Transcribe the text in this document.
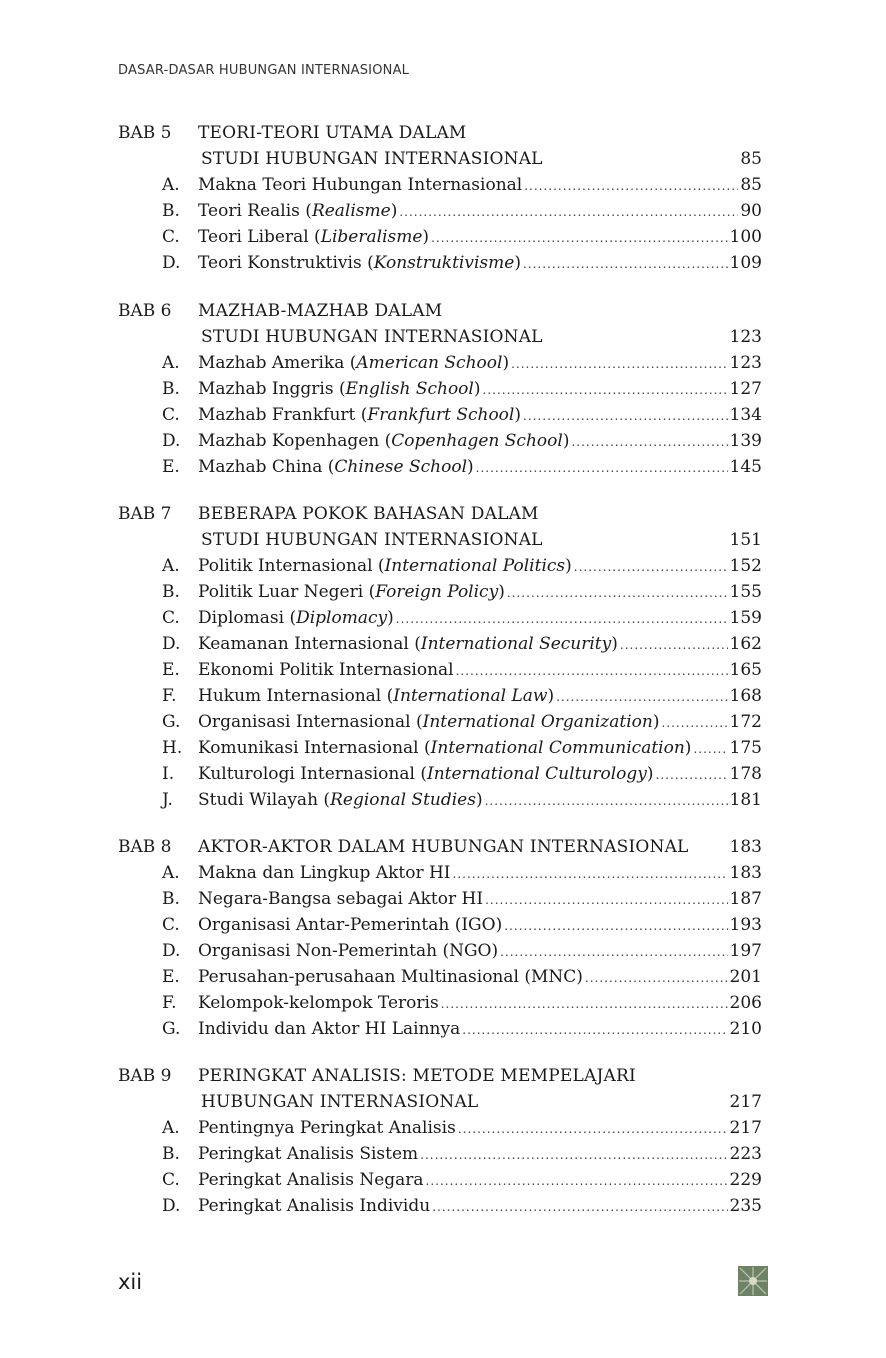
DASAR-DASAR HUBUNGAN INTERNASIONAL
BAB 5 TEORI-TEORI UTAMA DALAM
STUDI HUBUNGAN INTERNASIONAL	85
A.	Makna Teori Hubungan Internasional .....	85
B.	Teori Realis (Realisme) .....	90
C.	Teori Liberal (Liberalisme) .....	100
D.	Teori Konstruktivis (Konstruktivisme) .....	109
BAB 6 MAZHAB-MAZHAB DALAM
STUDI HUBUNGAN INTERNASIONAL	123
A.	Mazhab Amerika (American School) .....	123
B.	Mazhab Inggris (English School) .....	127
C.	Mazhab Frankfurt (Frankfurt School) .....	134
D.	Mazhab Kopenhagen (Copenhagen School) .....	139
E.	Mazhab China (Chinese School) .....	145
BAB 7 BEBERAPA POKOK BAHASAN DALAM
STUDI HUBUNGAN INTERNASIONAL	151
A.	Politik Internasional (International Politics) .....	152
B.	Politik Luar Negeri (Foreign Policy) .....	155
C.	Diplomasi (Diplomacy) .....	159
D.	Keamanan Internasional (International Security) .....	162
E.	Ekonomi Politik Internasional .....	165
F.	Hukum Internasional (International Law) .....	168
G.	Organisasi Internasional (International Organization) .....	172
H. Komunikasi Internasional (International Communication) ..... 175
I.	Kulturologi Internasional (International Culturology) .....	178
J.	Studi Wilayah (Regional Studies) .....	181
BAB 8 AKTOR-AKTOR DALAM HUBUNGAN INTERNASIONAL 183
A.	Makna dan Lingkup Aktor HI .....	183
B.	Negara-Bangsa sebagai Aktor HI .....	187
C.	Organisasi Antar-Pemerintah (IGO) .....	193
D.	Organisasi Non-Pemerintah (NGO) .....	197
E.	Perusahan-perusahaan Multinasional (MNC) .....	201
F.	Kelompok-kelompok Teroris .....	206
G.	Individu dan Aktor HI Lainnya .....	210
BAB 9 PERINGKAT ANALISIS: METODE MEMPELAJARI
HUBUNGAN INTERNASIONAL	217
A.	Pentingnya Peringkat Analisis .....	217
B.	Peringkat Analisis Sistem .....	223
C.	Peringkat Analisis Negara .....	229
D.	Peringkat Analisis Individu .....	235
xii
